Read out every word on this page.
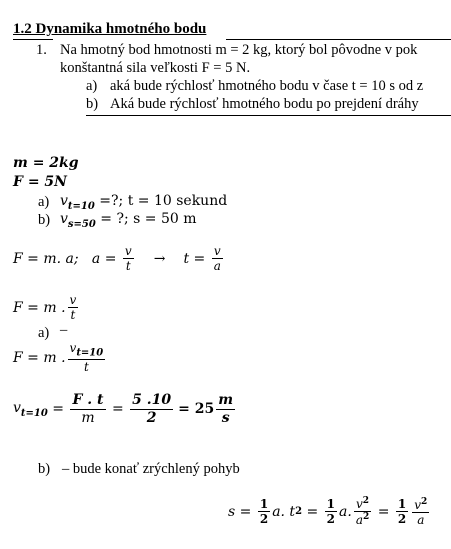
1.2 Dynamika hmotného bodu
1. Na hmotný bod hmotnosti m = 2 kg, ktorý bol pôvodne v pok
konštantná sila veľkosti F = 5 N.
a) aká bude rýchlosť hmotného bodu v čase t = 10 s od z
b) Aká bude rýchlosť hmotného bodu po prejdení dráhy
m = 2kg
F = 5N
a) $v_{t=10}$ =?; t = 10 sekund
b) $v_{s=50}$ = ?; s = 50 m
F = m. a;   $a = \frac{v}{t} \to t = \frac{v}{a}$
F = m . $\frac{v}{t}$
a) –
F = m . $\frac{v_{t=10}}{t}$
$v_{t=10} = \frac{F . t}{m} = \frac{5 .10}{2} = 25 \frac{m}{s}$
b) – bude konať zrýchlený pohyb
$s = \frac{1}{2} a$. t $2 = \frac{1}{2} a$. $\frac{v^2}{a^2} = \frac{1}{2} \frac{v^2}{a}$
